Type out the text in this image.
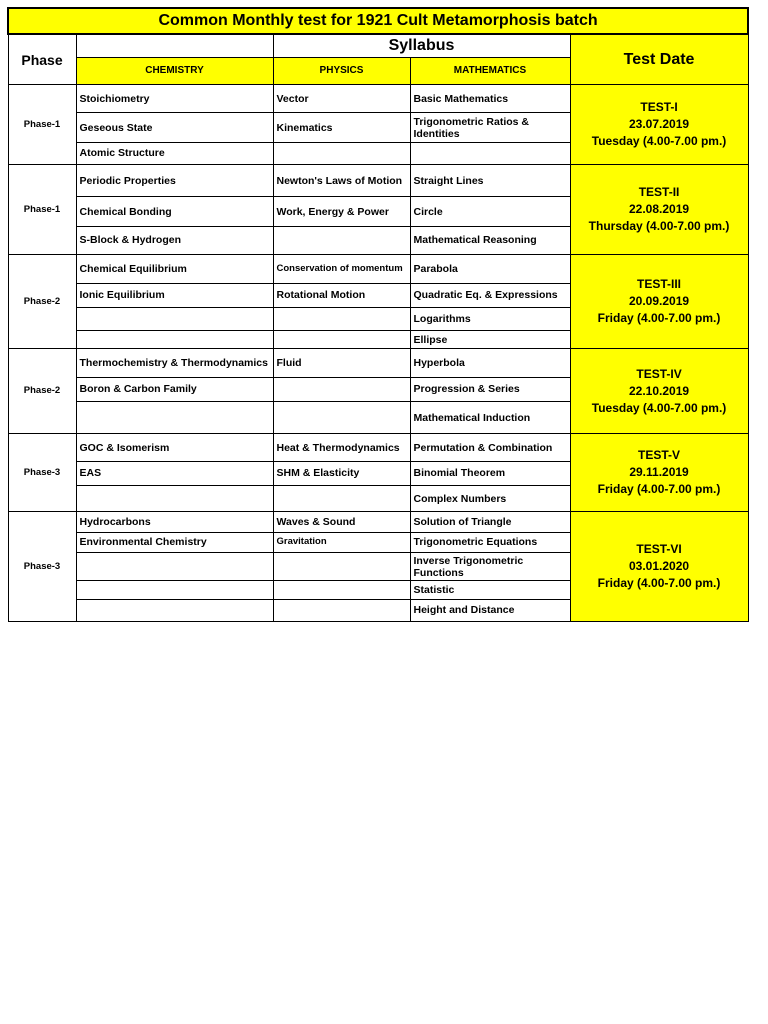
Common Monthly test for 1921 Cult Metamorphosis batch				
Phase		Syllabus		Test Date
	CHEMISTRY	PHYSICS	MATHEMATICS	
Phase-1	Stoichiometry	Vector	Basic Mathematics	TEST-I
23.07.2019
Tuesday (4.00-7.00 pm.)

	Geseous State	Kinematics	Trigonometric Ratios & Identities	
	Atomic Structure			
Phase-1	Periodic Properties	Newton's Laws of Motion	Straight Lines	TEST-II
22.08.2019
Thursday (4.00-7.00 pm.)

	Chemical Bonding	Work, Energy & Power	Circle	
	S-Block & Hydrogen		Mathematical Reasoning	
Phase-2	Chemical Equilibrium	Conservation of momentum	Parabola	TEST-III
20.09.2019
Friday (4.00-7.00 pm.)

	Ionic Equilibrium	Rotational Motion	Quadratic Eq. & Expressions	
			Logarithms	
			Ellipse	
Phase-2	Thermochemistry & Thermodynamics	Fluid	Hyperbola	TEST-IV
22.10.2019
Tuesday (4.00-7.00 pm.)

	Boron & Carbon Family		Progression & Series	
			Mathematical Induction	
Phase-3	GOC & Isomerism	Heat & Thermodynamics	Permutation & Combination	TEST-V
29.11.2019
Friday (4.00-7.00 pm.)

	EAS	SHM & Elasticity	Binomial Theorem	
			Complex Numbers	
Phase-3	Hydrocarbons	Waves & Sound	Solution of Triangle	TEST-VI
03.01.2020
Friday (4.00-7.00 pm.)

	Environmental Chemistry	Gravitation	Trigonometric Equations	
			Inverse Trigonometric Functions	
			Statistic	
			Height and Distance	
